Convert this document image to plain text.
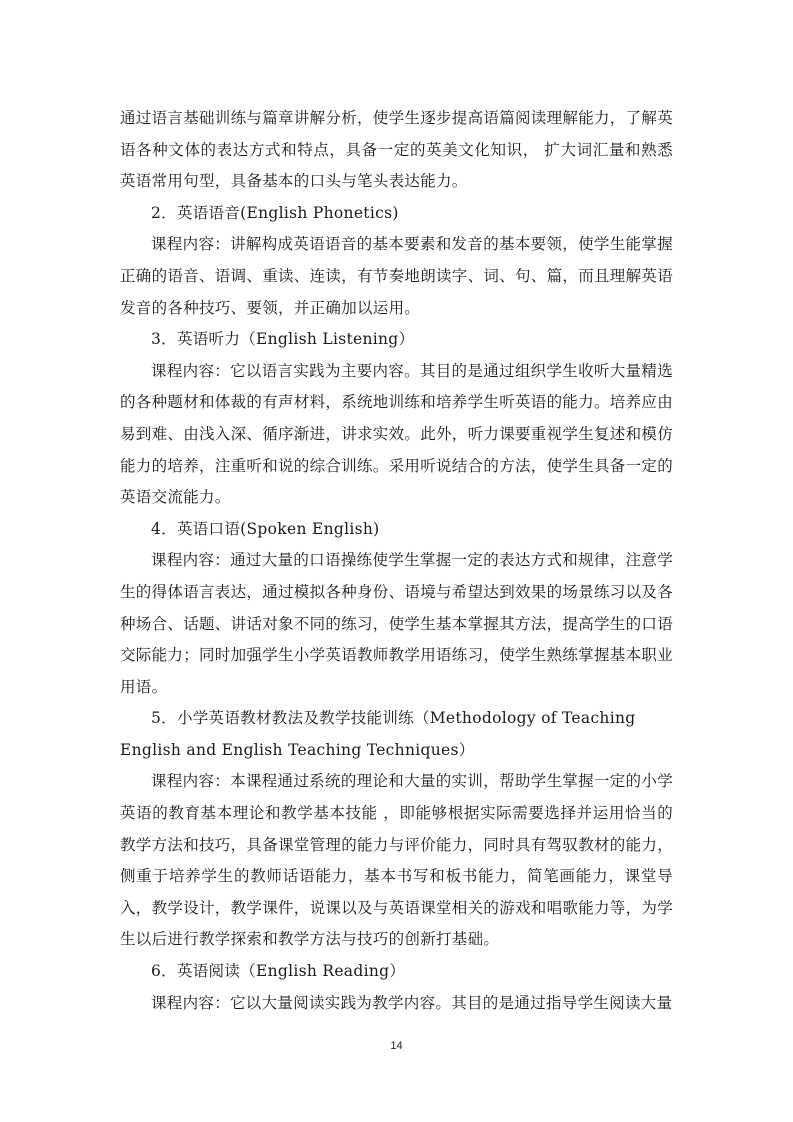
通过语言基础训练与篇章讲解分析，使学生逐步提高语篇阅读理解能力，了解英语各种文体的表达方式和特点，具备一定的英美文化知识， 扩大词汇量和熟悉英语常用句型，具备基本的口头与笔头表达能力。

2．英语语音(English Phonetics)

课程内容：讲解构成英语语音的基本要素和发音的基本要领，使学生能掌握正确的语音、语调、重读、连读，有节奏地朗读字、词、句、篇，而且理解英语发音的各种技巧、要领，并正确加以运用。

3．英语听力（English Listening）

课程内容：它以语言实践为主要内容。其目的是通过组织学生收听大量精选的各种题材和体裁的有声材料，系统地训练和培养学生听英语的能力。培养应由易到难、由浅入深、循序渐进，讲求实效。此外，听力课要重视学生复述和模仿能力的培养，注重听和说的综合训练。采用听说结合的方法，使学生具备一定的英语交流能力。

4．英语口语(Spoken English)

课程内容：通过大量的口语操练使学生掌握一定的表达方式和规律，注意学生的得体语言表达，通过模拟各种身份、语境与希望达到效果的场景练习以及各种场合、话题、讲话对象不同的练习，使学生基本掌握其方法，提高学生的口语交际能力；同时加强学生小学英语教师教学用语练习，使学生熟练掌握基本职业用语。

5．小学英语教材教法及教学技能训练（Methodology of Teaching English and English Teaching Techniques）

课程内容：本课程通过系统的理论和大量的实训，帮助学生掌握一定的小学英语的教育基本理论和教学基本技能 ，即能够根据实际需要选择并运用恰当的教学方法和技巧，具备课堂管理的能力与评价能力，同时具有驾驭教材的能力，侧重于培养学生的教师话语能力，基本书写和板书能力，简笔画能力，课堂导入，教学设计，教学课件，说课以及与英语课堂相关的游戏和唱歌能力等，为学生以后进行教学探索和教学方法与技巧的创新打基础。

6．英语阅读（English Reading）

课程内容：它以大量阅读实践为教学内容。其目的是通过指导学生阅读大量

14
